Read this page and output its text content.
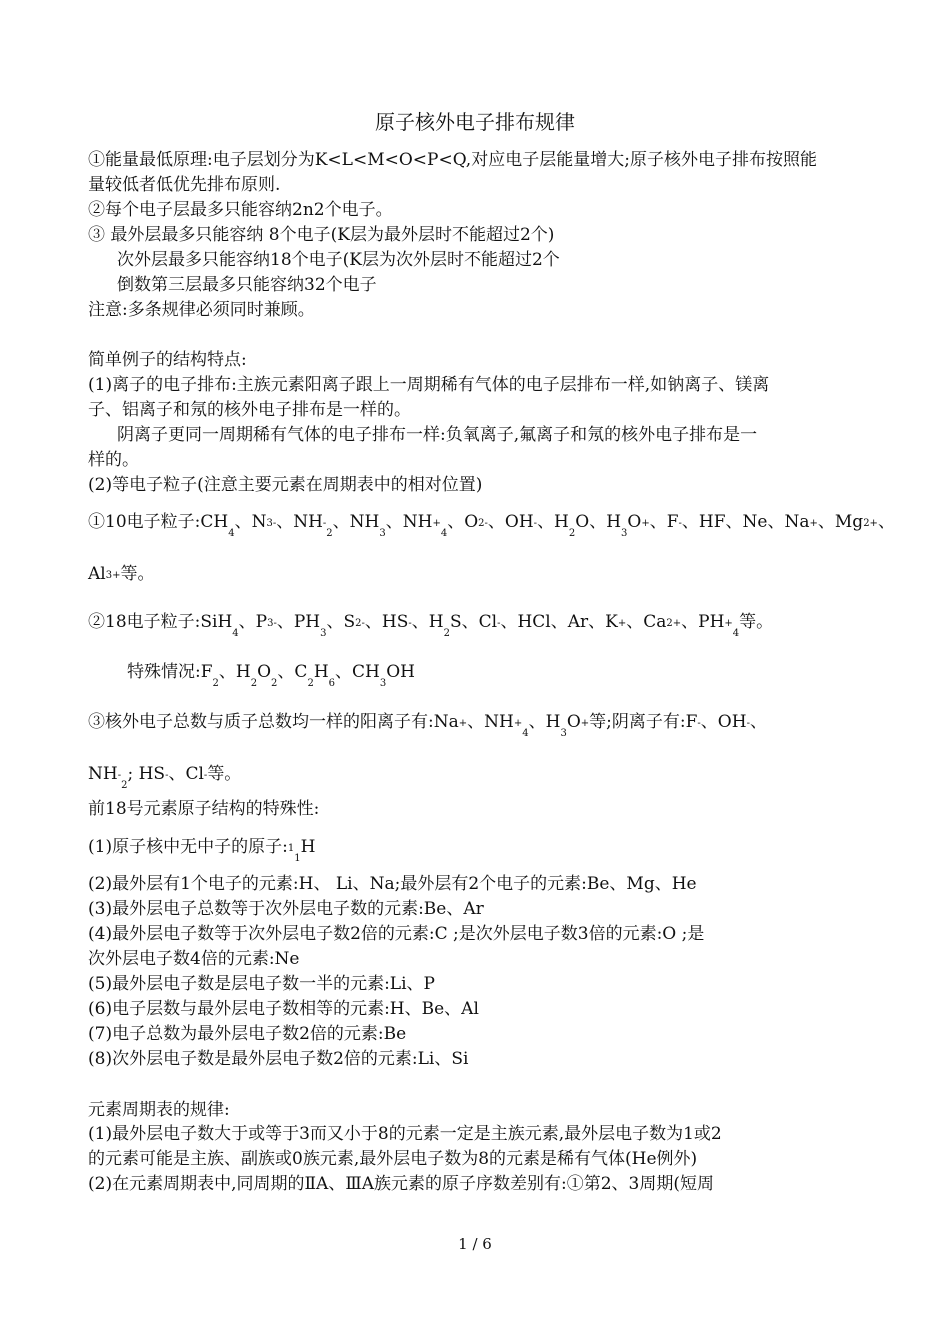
原子核外电子排布规律
①能量最低原理:电子层划分为K<L<M<O<P<Q,对应电子层能量增大;原子核外电子排布按照能
量较低者低优先排布原则.
②每个电子层最多只能容纳2n2个电子。
③ 最外层最多只能容纳 8个电子(K层为最外层时不能超过2个)
次外层最多只能容纳18个电子(K层为次外层时不能超过2个
倒数第三层最多只能容纳32个电子
注意:多条规律必须同时兼顾。
简单例子的结构特点:
(1)离子的电子排布:主族元素阳离子跟上一周期稀有气体的电子层排布一样,如钠离子、镁离
子、铝离子和氖的核外电子排布是一样的。
阴离子更同一周期稀有气体的电子排布一样:负氧离子,氟离子和氖的核外电子排布是一
样的。
(2)等电子粒子(注意主要元素在周期表中的相对位置)
①10电子粒子$:CH_4$、N3-、$NH-_2$、$NH_3$、$NH+_4$、O2-、OH-、$H_2O$、$H_3O+$、F-、HF、Ne、Na+、Mg2+、
Al3+等。
②18电子粒子:SiH$_4$、P3-、$PH_3$、S2-、HS-、$H_2S$、Cl-、HCl、Ar、K+、Ca2+、$PH+_4$等。
特殊情况$:F_2$、$H_2O_2$、$C_2H_6$、$CH_3OH$
③核外电子总数与质子总数均一样的阳离子有:Na+、$NH+_4$、$H_3O+$等;阴离子有:F-、OH-、
$NH-_2$; HS-、Cl-等。
前18号元素原子结构的特殊性:
(1)原子核中无中子的原子$:1_1H$
(2)最外层有1个电子的元素:H、 Li、Na;最外层有2个电子的元素:Be、Mg、He
(3)最外层电子总数等于次外层电子数的元素:Be、Ar
(4)最外层电子数等于次外层电子数2倍的元素:C ;是次外层电子数3倍的元素:O ;是
次外层电子数4倍的元素:Ne
(5)最外层电子数是层电子数一半的元素:Li、P
(6)电子层数与最外层电子数相等的元素:H、Be、Al
(7)电子总数为最外层电子数2倍的元素:Be
(8)次外层电子数是最外层电子数2倍的元素:Li、Si
元素周期表的规律:
(1)最外层电子数大于或等于3而又小于8的元素一定是主族元素,最外层电子数为1或2
的元素可能是主族、副族或0族元素,最外层电子数为8的元素是稀有气体(He例外)
(2)在元素周期表中,同周期的ⅡA、ⅢA族元素的原子序数差别有:①第2、3周期(短周
1 / 6
